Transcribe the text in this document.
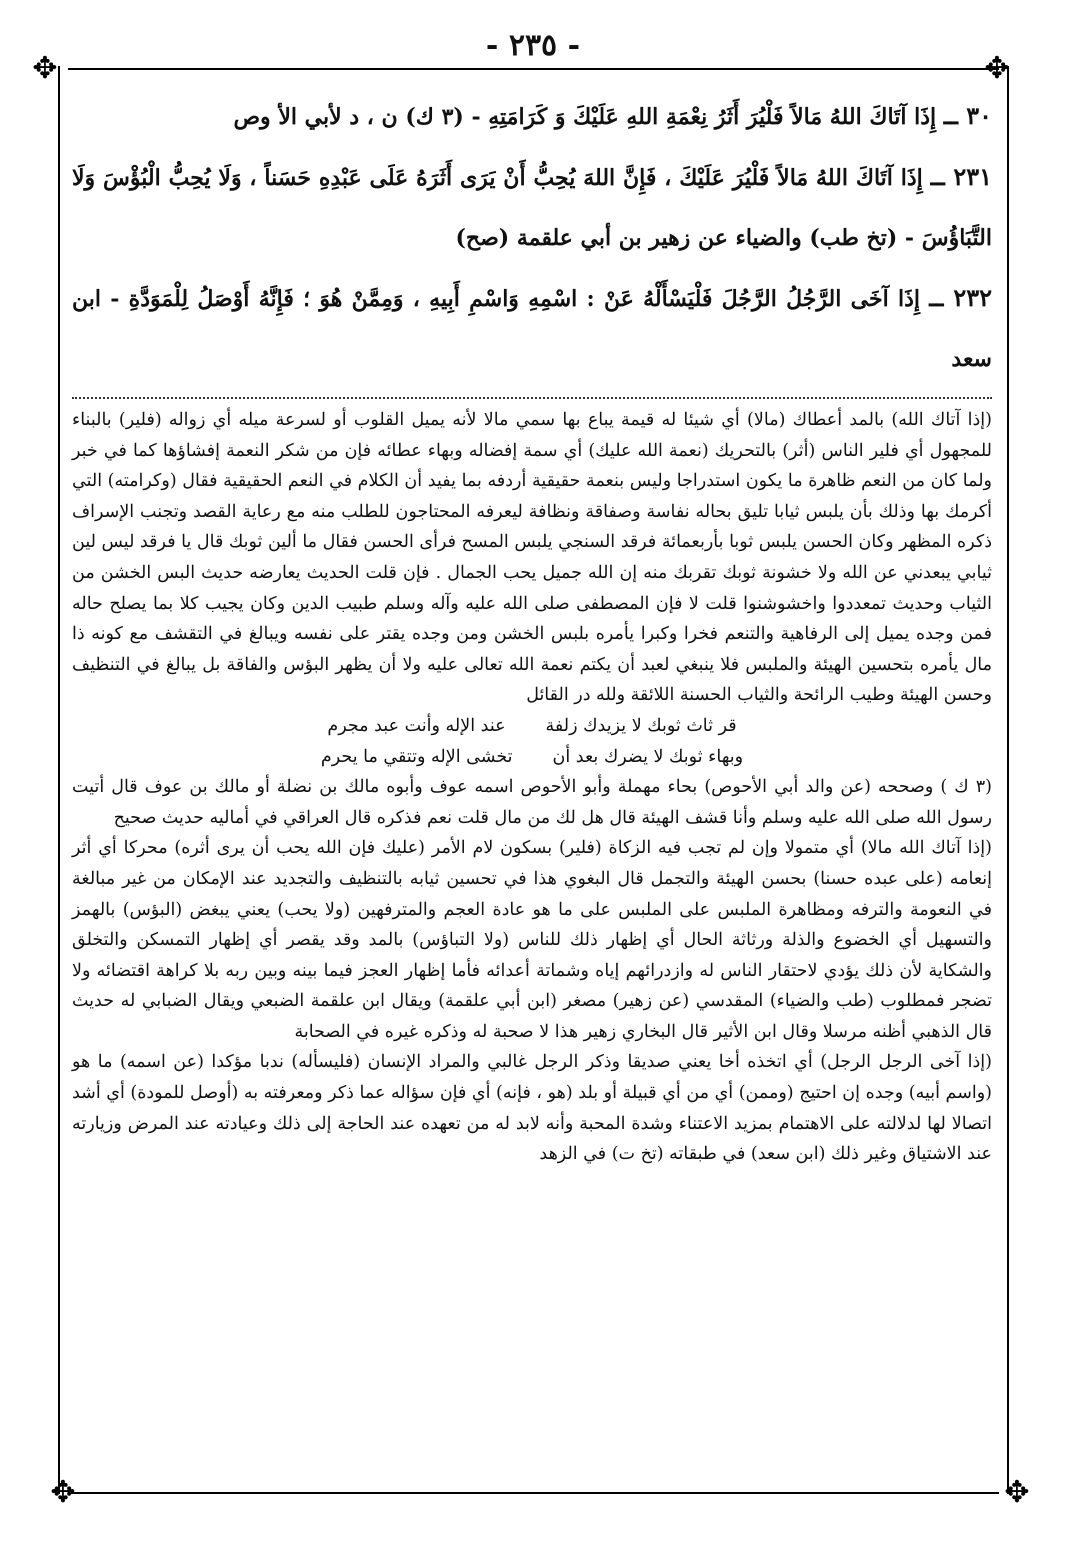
- ٢٣٥ -
✥	✥
✥	✥

٣٠ ــ إِذَا آتَاكَ اللهُ مَالاً فَلْيُرَ أَثَرُ نِعْمَةِ اللهِ عَلَيْكَ وَ كَرَامَتِهِ - (٣ ك) ن ، د لأبي الأ وص

٢٣١ ــ إِذَا آتَاكَ اللهُ مَالاً فَلْيُرَ عَلَيْكَ ، فَإِنَّ اللهَ يُحِبُّ أَنْ يَرَى أَثَرَهُ عَلَى عَبْدِهِ حَسَناً ، وَلَا يُحِبُّ الْبُؤْسَ وَلَا التَّبَاؤُسَ - (تخ طب) والضياء عن زهير بن أبي علقمة (صح)

٢٣٢ ــ إِذَا آخَى الرَّجُلُ الرَّجُلَ فَلْيَسْأَلْهُ عَنْ : اسْمِهِ وَاسْمِ أَبِيهِ ، وَمِمَّنْ هُوَ ؛ فَإِنَّهُ أَوْصَلُ لِلْمَوَدَّةِ - ابن سعد

(إذا آتاك الله) بالمد أعطاك (مالا) أي شيئا له قيمة يباع بها سمي مالا لأنه يميل القلوب أو لسرعة ميله أي زواله (فلير) بالبناء للمجهول أي فلير الناس (أثر) بالتحريك (نعمة الله عليك) أي سمة إفضاله وبهاء عطائه فإن من شكر النعمة إفشاؤها كما في خبر ولما كان من النعم ظاهرة ما يكون استدراجا وليس بنعمة حقيقية أردفه بما يفيد أن الكلام في النعم الحقيقية فقال (وكرامته) التي أكرمك بها وذلك بأن يلبس ثيابا تليق بحاله نفاسة وصفاقة ونظافة ليعرفه المحتاجون للطلب منه مع رعاية القصد وتجنب الإسراف ذكره المظهر وكان الحسن يلبس ثوبا بأربعمائة فرقد السنجي يلبس المسح فرأى الحسن فقال ما ألين ثوبك قال يا فرقد ليس لين ثيابي يبعدني عن الله ولا خشونة ثوبك تقربك منه إن الله جميل يحب الجمال . فإن قلت الحديث يعارضه حديث البس الخشن من الثياب وحديث تمعددوا واخشوشنوا قلت لا فإن المصطفى صلى الله عليه وآله وسلم طبيب الدين وكان يجيب كلا بما يصلح حاله فمن وجده يميل إلى الرفاهية والتنعم فخرا وكبرا يأمره بلبس الخشن ومن وجده يقتر على نفسه ويبالغ في التقشف مع كونه ذا مال يأمره بتحسين الهيئة والملبس فلا ينبغي لعبد أن يكتم نعمة الله تعالى عليه ولا أن يظهر البؤس والفاقة بل يبالغ في التنظيف وحسن الهيئة وطيب الرائحة والثياب الحسنة اللائقة ولله در القائل

قر ثاث ثوبك لا يزيدك زلفة
عند الإله وأنت عبد مجرم
وبهاء ثوبك لا يضرك بعد أن
تخشى الإله وتتقي ما يحرم

(٣ ك ) وصححه (عن والد أبي الأحوص) بحاء مهملة وأبو الأحوص اسمه عوف وأبوه مالك بن نضلة أو مالك بن عوف قال أتيت رسول الله صلى الله عليه وسلم وأنا قشف الهيئة قال هل لك من مال قلت نعم فذكره قال العراقي في أماليه حديث صحيح

(إذا آتاك الله مالا) أي متمولا وإن لم تجب فيه الزكاة (فلير) بسكون لام الأمر (عليك فإن الله يحب أن يرى أثره) محركا أي أثر إنعامه (على عبده حسنا) بحسن الهيئة والتجمل قال البغوي هذا في تحسين ثيابه بالتنظيف والتجديد عند الإمكان من غير مبالغة في النعومة والترفه ومظاهرة الملبس على الملبس على ما هو عادة العجم والمترفهين (ولا يحب) يعني يبغض (البؤس) بالهمز والتسهيل أي الخضوع والذلة ورثاثة الحال أي إظهار ذلك للناس (ولا التباؤس) بالمد وقد يقصر أي إظهار التمسكن والتخلق والشكاية لأن ذلك يؤدي لاحتقار الناس له وازدرائهم إياه وشماتة أعدائه فأما إظهار العجز فيما بينه وبين ربه بلا كراهة اقتضائه ولا تضجر فمطلوب (طب والضياء) المقدسي (عن زهير) مصغر (ابن أبي علقمة) ويقال ابن علقمة الضبعي ويقال الضبابي له حديث قال الذهبي أظنه مرسلا وقال ابن الأثير قال البخاري زهير هذا لا صحبة له وذكره غيره في الصحابة

(إذا آخى الرجل الرجل) أي اتخذه أخا يعني صديقا وذكر الرجل غالبي والمراد الإنسان (فليسأله) ندبا مؤكدا (عن اسمه) ما هو (واسم أبيه) وجده إن احتيج (وممن) أي من أي قبيلة أو بلد (هو ، فإنه) أي فإن سؤاله عما ذكر ومعرفته به (أوصل للمودة) أي أشد اتصالا لها لدلالته على الاهتمام بمزيد الاعتناء وشدة المحبة وأنه لابد له من تعهده عند الحاجة إلى ذلك وعيادته عند المرض وزيارته عند الاشتياق وغير ذلك (ابن سعد) في طبقاته (تخ ت) في الزهد
